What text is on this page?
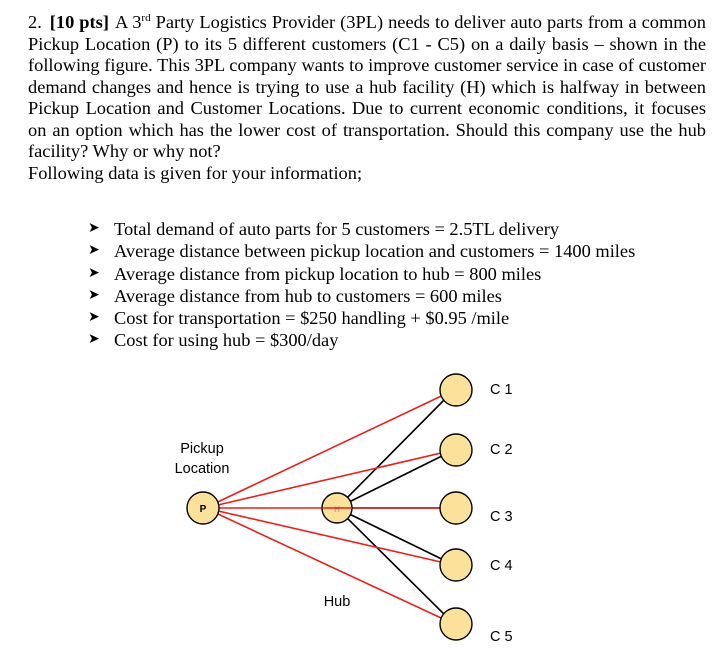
2. [10 pts] A 3rd Party Logistics Provider (3PL) needs to deliver auto parts from a common Pickup Location (P) to its 5 different customers (C1 - C5) on a daily basis – shown in the following figure. This 3PL company wants to improve customer service in case of customer demand changes and hence is trying to use a hub facility (H) which is halfway in between Pickup Location and Customer Locations. Due to current economic conditions, it focuses on an option which has the lower cost of transportation. Should this company use the hub facility? Why or why not?
Following data is given for your information;
➤ Total demand of auto parts for 5 customers = 2.5TL delivery
➤ Average distance between pickup location and customers = 1400 miles
➤ Average distance from pickup location to hub = 800 miles
➤ Average distance from hub to customers = 600 miles
➤ Cost for transportation = $250 handling + $0.95 /mile
➤ Cost for using hub = $300/day
P	H
Pickup
Location
Hub
C 1
C 2
C 3
C 4
C 5
